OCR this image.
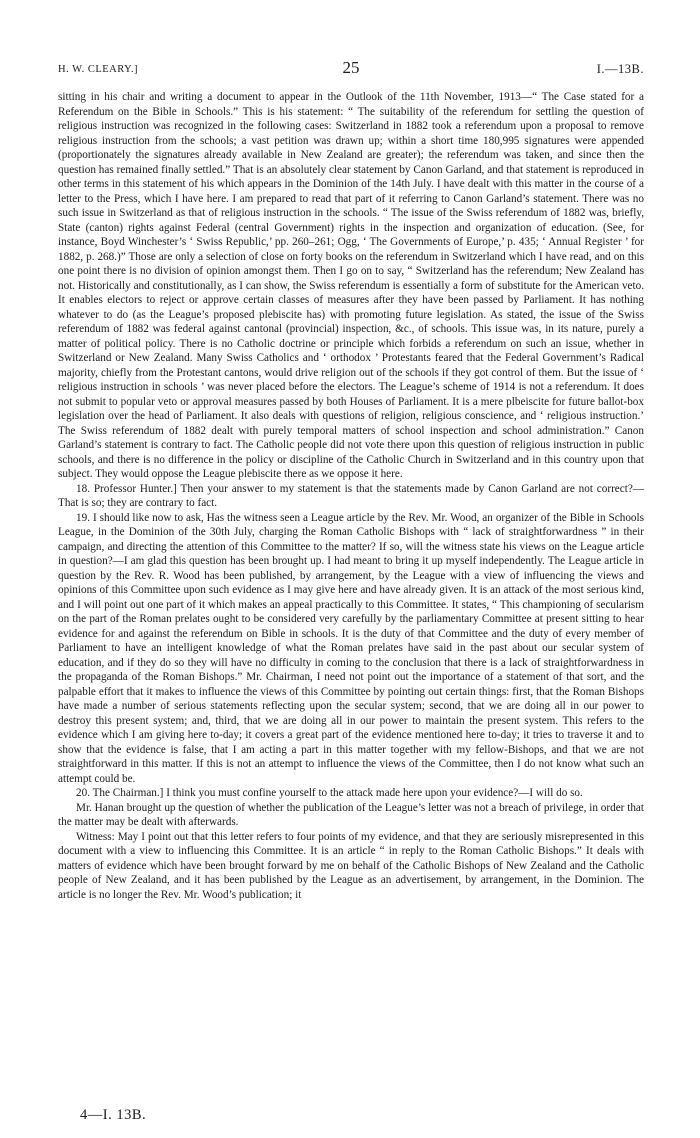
H. W. CLEARY.]	25	I.—13B.

sitting in his chair and writing a document to appear in the Outlook of the 11th November, 1913—“ The Case stated for a Referendum on the Bible in Schools.” This is his statement: “ The suitability of the referendum for settling the question of religious instruction was recognized in the following cases: Switzerland in 1882 took a referendum upon a proposal to remove religious instruction from the schools; a vast petition was drawn up; within a short time 180,995 signatures were appended (proportionately the signatures already available in New Zealand are greater); the referendum was taken, and since then the question has remained finally settled.” That is an absolutely clear statement by Canon Garland, and that statement is reproduced in other terms in this statement of his which appears in the Dominion of the 14th July. I have dealt with this matter in the course of a letter to the Press, which I have here. I am prepared to read that part of it referring to Canon Garland’s statement. There was no such issue in Switzerland as that of religious instruction in the schools. “ The issue of the Swiss referendum of 1882 was, briefly, State (canton) rights against Federal (central Government) rights in the inspection and organization of education. (See, for instance, Boyd Winchester’s ‘ Swiss Republic,’ pp. 260–261; Ogg, ‘ The Governments of Europe,’ p. 435; ‘ Annual Register ’ for 1882, p. 268.)” Those are only a selection of close on forty books on the referendum in Switzerland which I have read, and on this one point there is no division of opinion amongst them. Then I go on to say, “ Switzerland has the referendum; New Zealand has not. Historically and constitutionally, as I can show, the Swiss referendum is essentially a form of substitute for the American veto. It enables electors to reject or approve certain classes of measures after they have been passed by Parliament. It has nothing whatever to do (as the League’s proposed plebiscite has) with promoting future legislation. As stated, the issue of the Swiss referendum of 1882 was federal against cantonal (provincial) inspection, &c., of schools. This issue was, in its nature, purely a matter of political policy. There is no Catholic doctrine or principle which forbids a referendum on such an issue, whether in Switzerland or New Zealand. Many Swiss Catholics and ‘ orthodox ’ Protestants feared that the Federal Government’s Radical majority, chiefly from the Protestant cantons, would drive religion out of the schools if they got control of them. But the issue of ‘ religious instruction in schools ’ was never placed before the electors. The League’s scheme of 1914 is not a referendum. It does not submit to popular veto or approval measures passed by both Houses of Parliament. It is a mere plbeiscite for future ballot-box legislation over the head of Parliament. It also deals with questions of religion, religious conscience, and ‘ religious instruction.’ The Swiss referendum of 1882 dealt with purely temporal matters of school inspection and school administration.” Canon Garland’s statement is contrary to fact. The Catholic people did not vote there upon this question of religious instruction in public schools, and there is no difference in the policy or discipline of the Catholic Church in Switzerland and in this country upon that subject. They would oppose the League plebiscite there as we oppose it here.

18. Professor Hunter.] Then your answer to my statement is that the statements made by Canon Garland are not correct?—That is so; they are contrary to fact.

19. I should like now to ask, Has the witness seen a League article by the Rev. Mr. Wood, an organizer of the Bible in Schools League, in the Dominion of the 30th July, charging the Roman Catholic Bishops with “ lack of straightforwardness ” in their campaign, and directing the attention of this Committee to the matter? If so, will the witness state his views on the League article in question?—I am glad this question has been brought up. I had meant to bring it up myself independently. The League article in question by the Rev. R. Wood has been published, by arrangement, by the League with a view of influencing the views and opinions of this Committee upon such evidence as I may give here and have already given. It is an attack of the most serious kind, and I will point out one part of it which makes an appeal practically to this Committee. It states, “ This championing of secularism on the part of the Roman prelates ought to be considered very carefully by the parliamentary Committee at present sitting to hear evidence for and against the referendum on Bible in schools. It is the duty of that Committee and the duty of every member of Parliament to have an intelligent knowledge of what the Roman prelates have said in the past about our secular system of education, and if they do so they will have no difficulty in coming to the conclusion that there is a lack of straightforwardness in the propaganda of the Roman Bishops.” Mr. Chairman, I need not point out the importance of a statement of that sort, and the palpable effort that it makes to influence the views of this Committee by pointing out certain things: first, that the Roman Bishops have made a number of serious statements reflecting upon the secular system; second, that we are doing all in our power to destroy this present system; and, third, that we are doing all in our power to maintain the present system. This refers to the evidence which I am giving here to-day; it covers a great part of the evidence mentioned here to-day; it tries to traverse it and to show that the evidence is false, that I am acting a part in this matter together with my fellow-Bishops, and that we are not straightforward in this matter. If this is not an attempt to influence the views of the Committee, then I do not know what such an attempt could be.

20. The Chairman.] I think you must confine yourself to the attack made here upon your evidence?—I will do so.

Mr. Hanan brought up the question of whether the publication of the League’s letter was not a breach of privilege, in order that the matter may be dealt with afterwards.

Witness: May I point out that this letter refers to four points of my evidence, and that they are seriously misrepresented in this document with a view to influencing this Committee. It is an article “ in reply to the Roman Catholic Bishops.” It deals with matters of evidence which have been brought forward by me on behalf of the Catholic Bishops of New Zealand and the Catholic people of New Zealand, and it has been published by the League as an advertisement, by arrangement, in the Dominion. The article is no longer the Rev. Mr. Wood’s publication; it

4—I. 13B.
